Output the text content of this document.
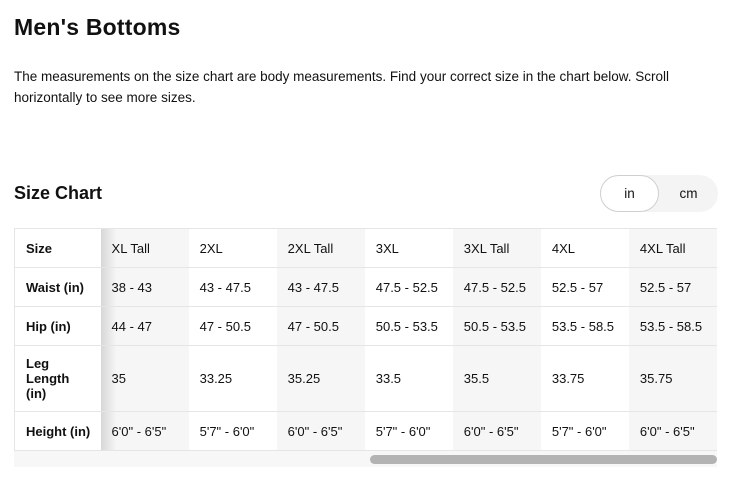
Men's Bottoms

The measurements on the size chart are body measurements. Find your correct size in the chart below. Scroll horizontally to see more sizes.

Size Chart	in	cm
Size	XL Tall	2XL	2XL Tall	3XL	3XL Tall	4XL	4XL Tall
Waist (in)	38 - 43	43 - 47.5	43 - 47.5	47.5 - 52.5	47.5 - 52.5	52.5 - 57	52.5 - 57
Hip (in)	44 - 47	47 - 50.5	47 - 50.5	50.5 - 53.5	50.5 - 53.5	53.5 - 58.5	53.5 - 58.5
Leg Length (in)	35	33.25	35.25	33.5	35.5	33.75	35.75
Height (in)	6'0" - 6'5"	5'7" - 6'0"	6'0" - 6'5"	5'7" - 6'0"	6'0" - 6'5"	5'7" - 6'0"	6'0" - 6'5"
